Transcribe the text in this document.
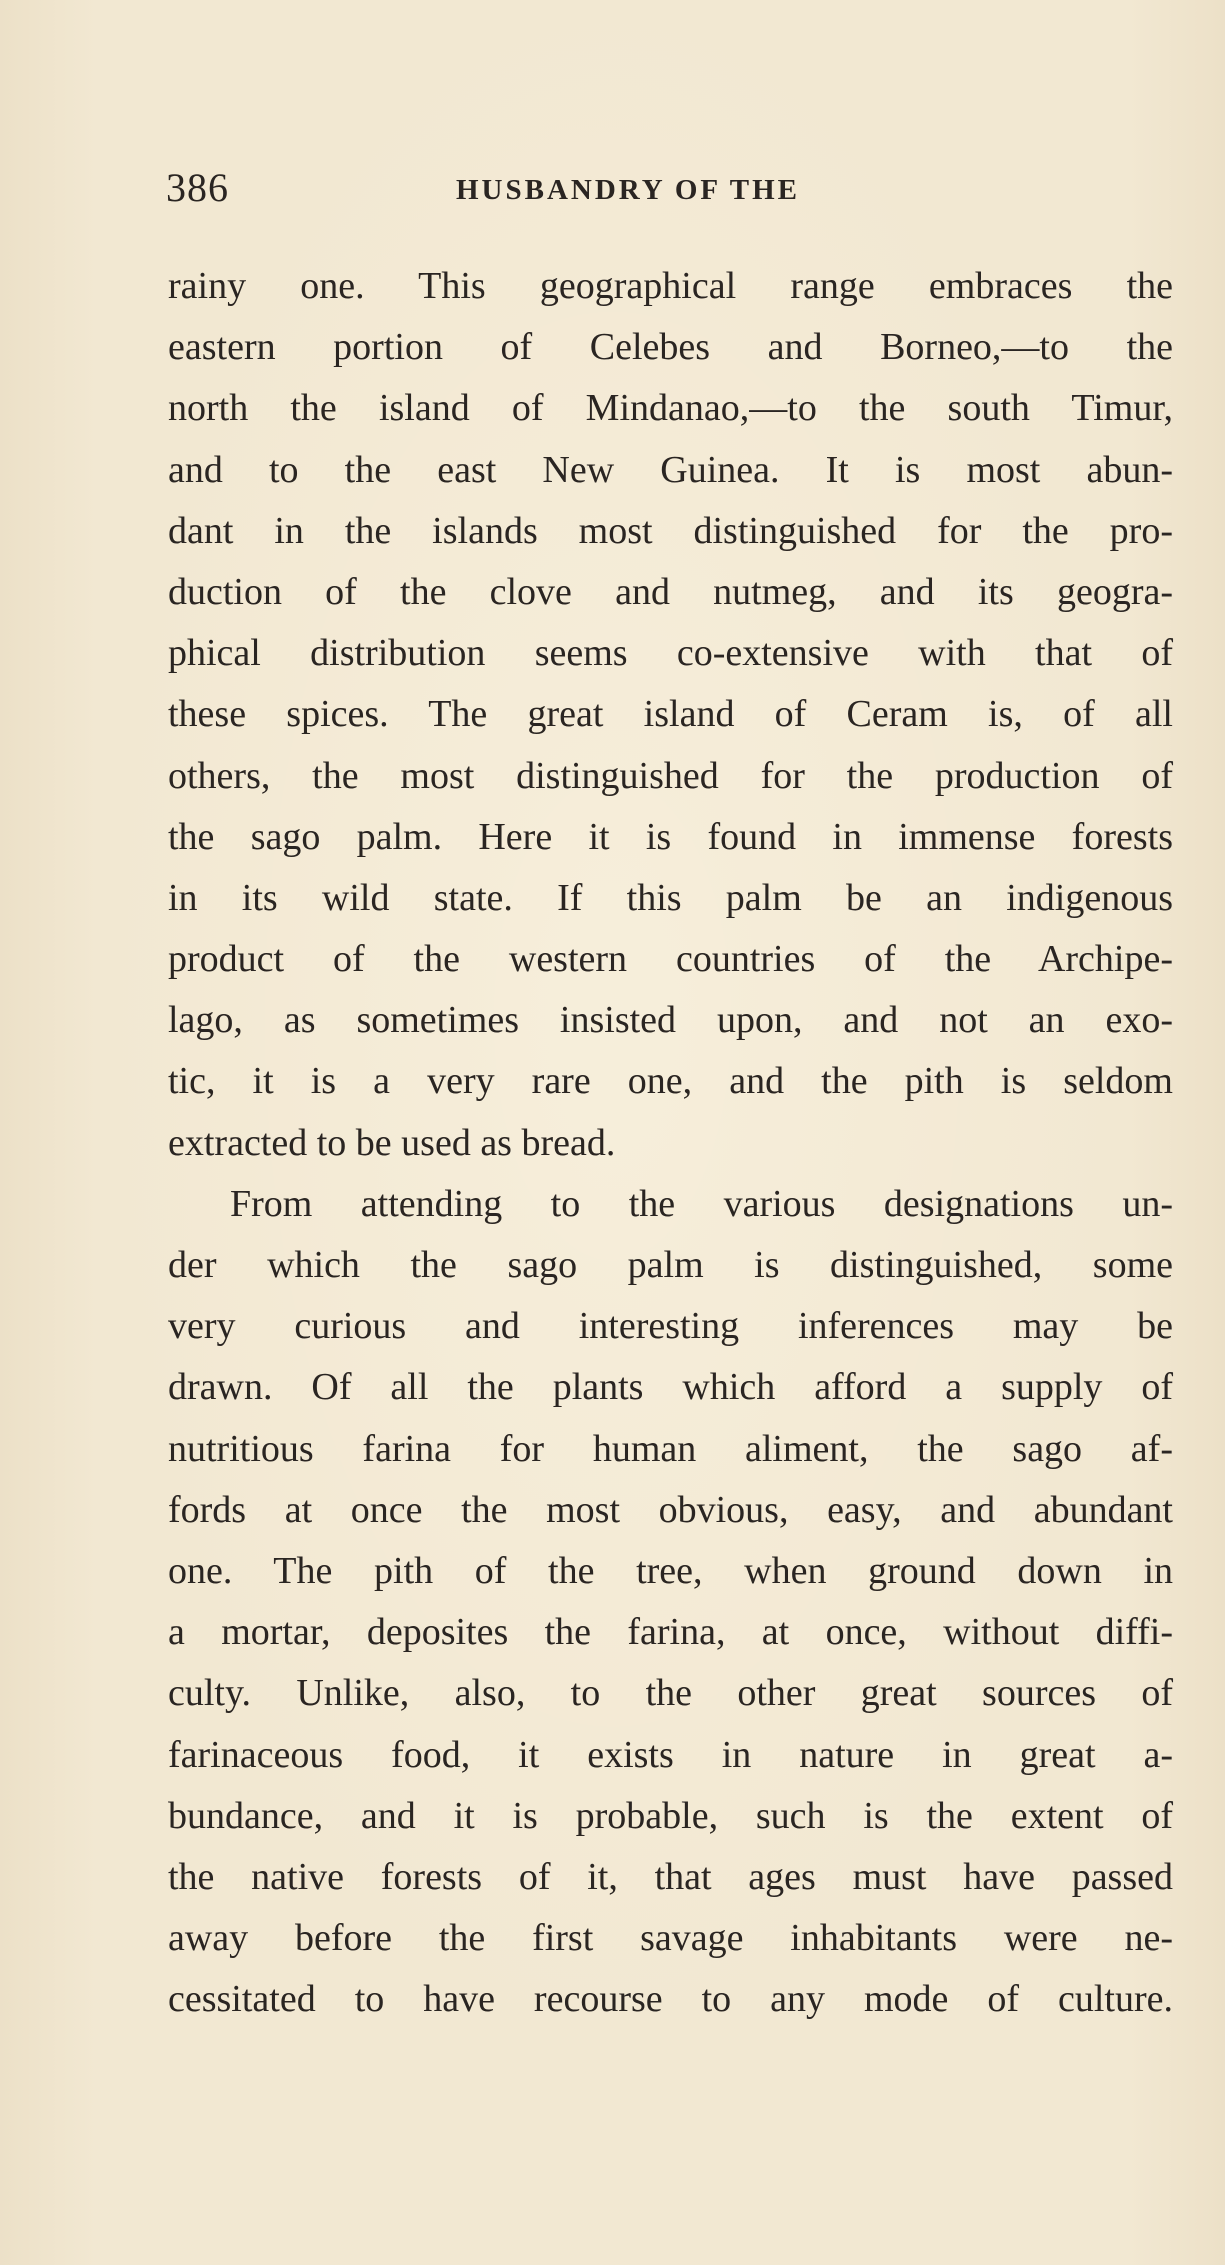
386	HUSBANDRY OF THE
rainy one. This geographical range embraces the
eastern portion of Celebes and Borneo,—to the
north the island of Mindanao,—to the south Timur,
and to the east New Guinea. It is most abun-
dant in the islands most distinguished for the pro-
duction of the clove and nutmeg, and its geogra-
phical distribution seems co-extensive with that of
these spices. The great island of Ceram is, of all
others, the most distinguished for the production of
the sago palm. Here it is found in immense forests
in its wild state. If this palm be an indigenous
product of the western countries of the Archipe-
lago, as sometimes insisted upon, and not an exo-
tic, it is a very rare one, and the pith is seldom
extracted to be used as bread.
From attending to the various designations un-
der which the sago palm is distinguished, some
very curious and interesting inferences may be
drawn. Of all the plants which afford a supply of
nutritious farina for human aliment, the sago af-
fords at once the most obvious, easy, and abundant
one. The pith of the tree, when ground down in
a mortar, deposites the farina, at once, without diffi-
culty. Unlike, also, to the other great sources of
farinaceous food, it exists in nature in great a-
bundance, and it is probable, such is the extent of
the native forests of it, that ages must have passed
away before the first savage inhabitants were ne-
cessitated to have recourse to any mode of culture.
